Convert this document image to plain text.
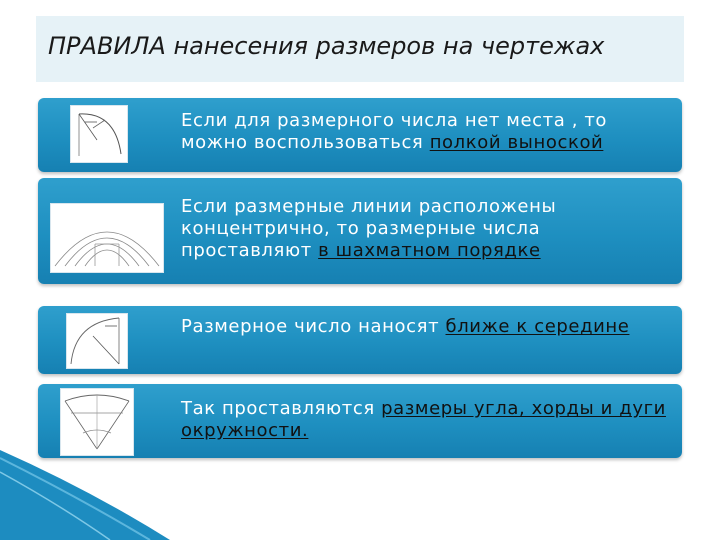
ПРАВИЛА нанесения размеров на чертежах
Если для размерного числа нет места , то можно воспользоваться полкой выноской
Если размерные линии расположены концентрично, то размерные числа проставляют в шахматном порядке
Размерное число наносят ближе к середине
Так проставляются размеры угла, хорды и дуги окружности.
